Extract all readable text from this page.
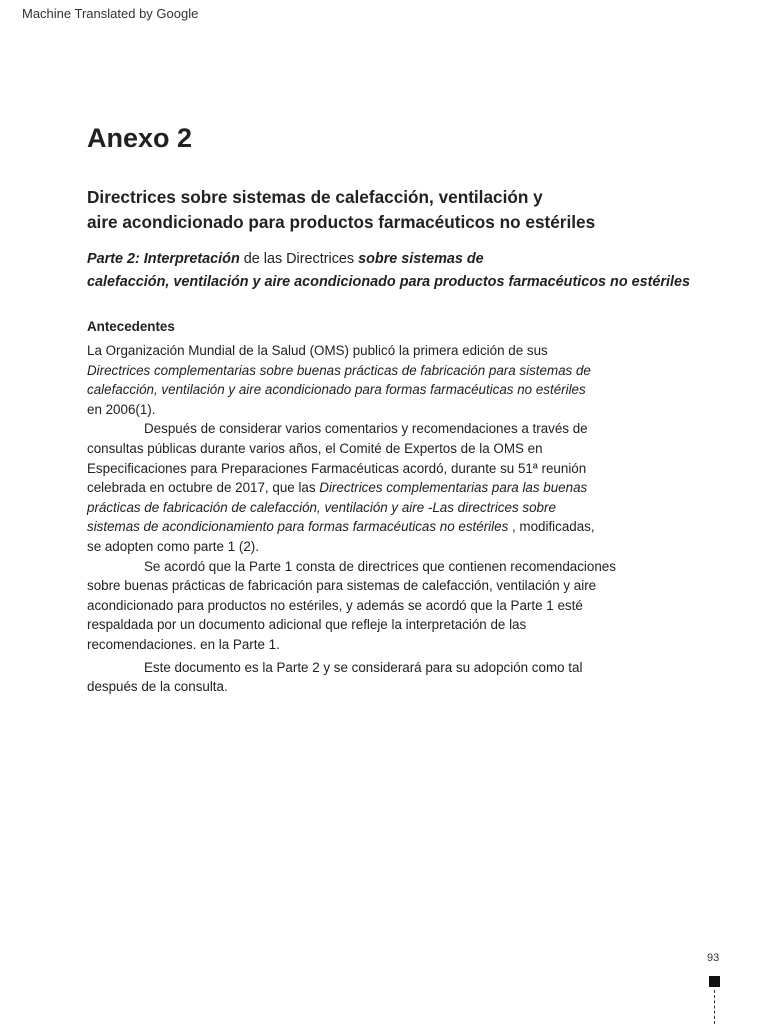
Machine Translated by Google
Anexo 2
Directrices sobre sistemas de calefacción, ventilación y
aire acondicionado para productos farmacéuticos no estériles
Parte 2: Interpretación de las Directrices sobre sistemas de
calefacción, ventilación y aire acondicionado para productos farmacéuticos no estériles
Antecedentes

La Organización Mundial de la Salud (OMS) publicó la primera edición de sus
Directrices complementarias sobre buenas prácticas de fabricación para sistemas de
calefacción, ventilación y aire acondicionado para formas farmacéuticas no estériles
en 2006(1).

Después de considerar varios comentarios y recomendaciones a través de
consultas públicas durante varios años, el Comité de Expertos de la OMS en
Especificaciones para Preparaciones Farmacéuticas acordó, durante su 51ª reunión
celebrada en octubre de 2017, que las Directrices complementarias para las buenas
prácticas de fabricación de calefacción, ventilación y aire -Las directrices sobre
sistemas de acondicionamiento para formas farmacéuticas no estériles , modificadas,
se adopten como parte 1 (2).

Se acordó que la Parte 1 consta de directrices que contienen recomendaciones
sobre buenas prácticas de fabricación para sistemas de calefacción, ventilación y aire
acondicionado para productos no estériles, y además se acordó que la Parte 1 esté
respaldada por un documento adicional que refleje la interpretación de las
recomendaciones. en la Parte 1.

Este documento es la Parte 2 y se considerará para su adopción como tal
después de la consulta.

93
